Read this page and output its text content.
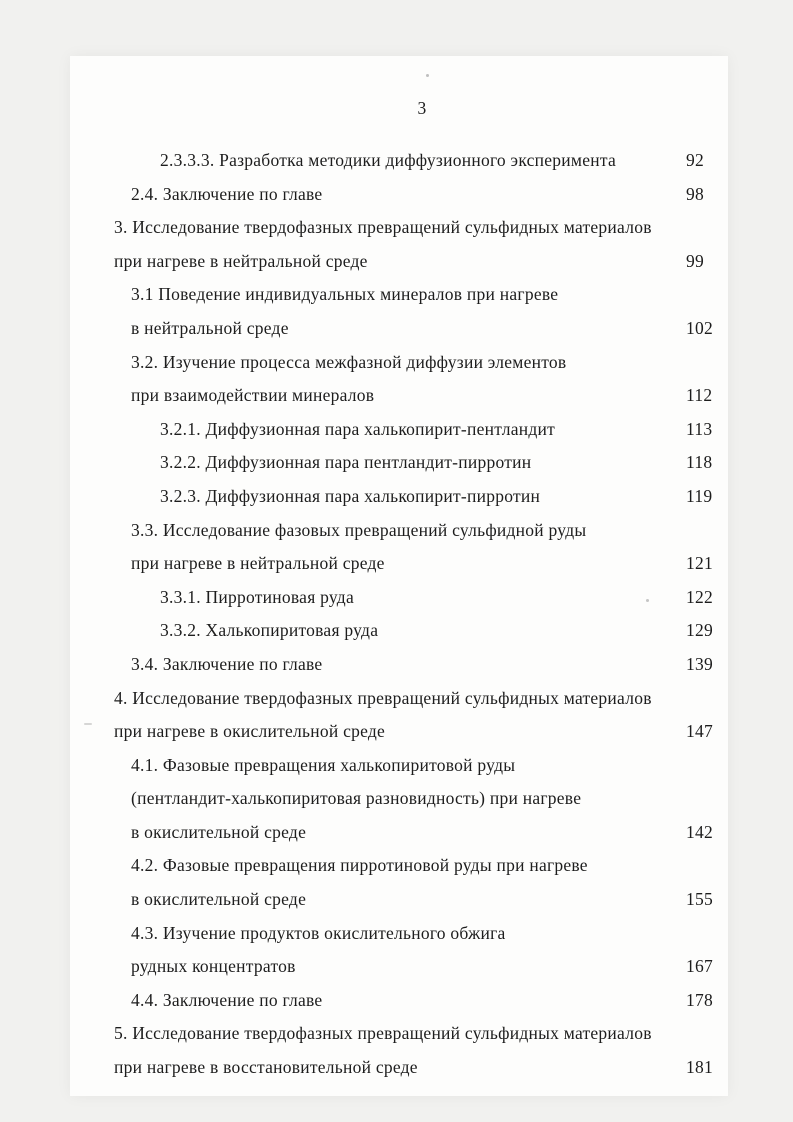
3
2.3.3.3. Разработка методики диффузионного эксперимента	92
2.4. Заключение по главе	98
3. Исследование твердофазных превращений сульфидных материалов
при нагреве в нейтральной среде	99
3.1 Поведение индивидуальных минералов при нагреве
в нейтральной среде	102
3.2. Изучение процесса межфазной диффузии элементов
при взаимодействии минералов	112
3.2.1. Диффузионная пара халькопирит-пентландит	113
3.2.2. Диффузионная пара пентландит-пирротин	118
3.2.3. Диффузионная пара халькопирит-пирротин	119
3.3. Исследование фазовых превращений сульфидной руды
при нагреве в нейтральной среде	121
3.3.1. Пирротиновая руда	122
3.3.2. Халькопиритовая руда	129
3.4. Заключение по главе	139
4. Исследование твердофазных превращений сульфидных материалов
при нагреве в окислительной среде	147
4.1. Фазовые превращения халькопиритовой руды
(пентландит-халькопиритовая разновидность) при нагреве
в окислительной среде	142
4.2. Фазовые превращения пирротиновой руды при нагреве
в окислительной среде	155
4.3. Изучение продуктов окислительного обжига
рудных концентратов	167
4.4. Заключение по главе	178
5. Исследование твердофазных превращений сульфидных материалов
при нагреве в восстановительной среде	181
